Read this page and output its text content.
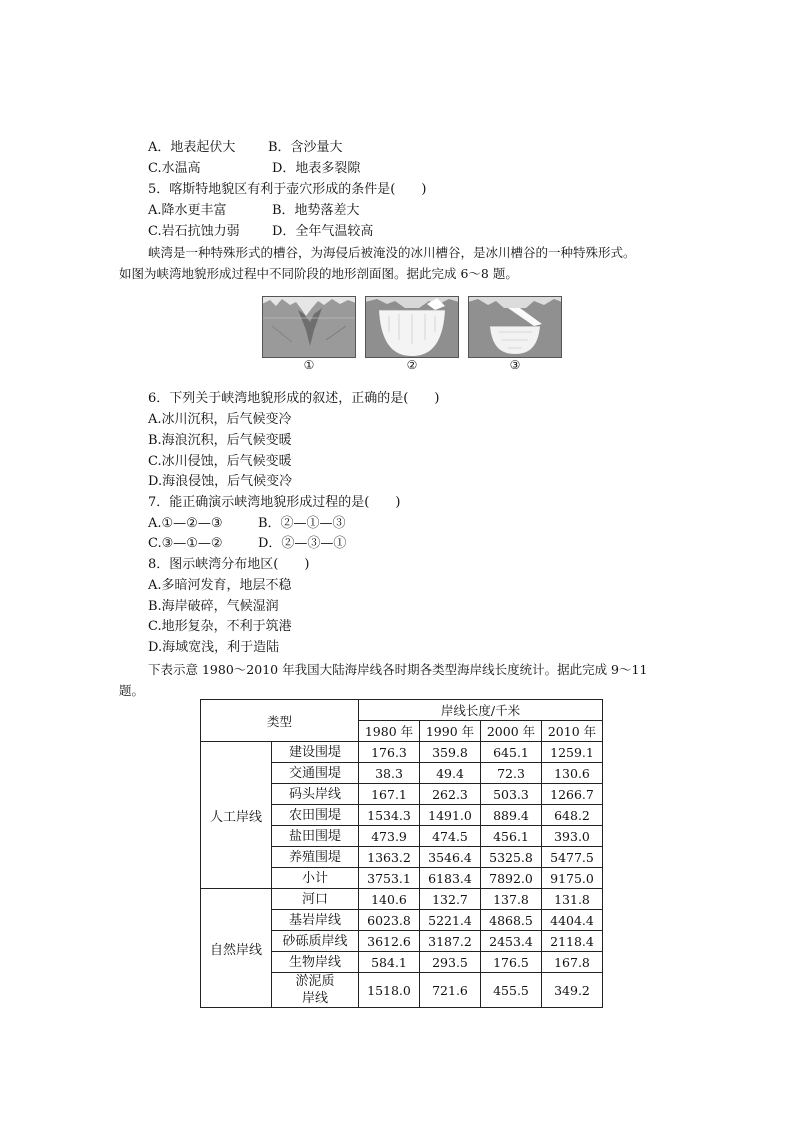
A．地表起伏大	B．含沙量大
C.水温高	D．地表多裂隙
5．喀斯特地貌区有利于壶穴形成的条件是(　　)
A.降水更丰富	B．地势落差大
C.岩石抗蚀力弱 D．全年气温较高
峡湾是一种特殊形式的槽谷，为海侵后被淹没的冰川槽谷，是冰川槽谷的一种特殊形式。
如图为峡湾地貌形成过程中不同阶段的地形剖面图。据此完成 6～8 题。
①	②	③
6．下列关于峡湾地貌形成的叙述，正确的是(　　)
A.冰川沉积，后气候变冷
B.海浪沉积，后气候变暖
C.冰川侵蚀，后气候变暖
D.海浪侵蚀，后气候变冷
7．能正确演示峡湾地貌形成过程的是(　　)
A.①—②—③	B．②—①—③
C.③—①—②	D．②—③—①
8．图示峡湾分布地区(　　)
A.多暗河发育，地层不稳
B.海岸破碎，气候湿润
C.地形复杂，不利于筑港
D.海域宽浅，利于造陆
下表示意 1980～2010 年我国大陆海岸线各时期各类型海岸线长度统计。据此完成 9～11
题。
类型		岸线长度/千米			
		1980 年	1990 年	2000 年	2010 年
人工岸线	建设围堤	176.3	359.8	645.1	1259.1
	交通围堤	38.3	49.4	72.3	130.6
	码头岸线	167.1	262.3	503.3	1266.7
	农田围堤	1534.3	1491.0	889.4	648.2
	盐田围堤	473.9	474.5	456.1	393.0
	养殖围堤	1363.2	3546.4	5325.8	5477.5
	小计	3753.1	6183.4	7892.0	9175.0
自然岸线	河口	140.6	132.7	137.8	131.8
	基岩岸线	6023.8	5221.4	4868.5	4404.4
	砂砾质岸线	3612.6	3187.2	2453.4	2118.4
	生物岸线	584.1	293.5	176.5	167.8
	淤泥质
岸线	1518.0	721.6	455.5	349.2
